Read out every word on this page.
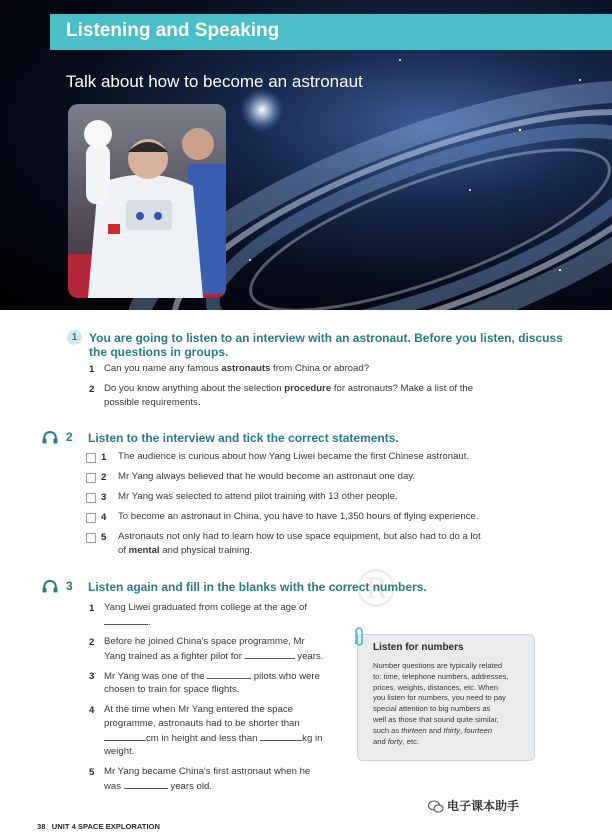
Listening and Speaking
Talk about how to become an astronaut
1 You are going to listen to an interview with an astronaut. Before you listen, discuss
the questions in groups.
1 Can you name any famous astronauts from China or abroad?
2 Do you know anything about the selection procedure for astronauts? Make a list of the
possible requirements.
2 Listen to the interview and tick the correct statements.
1 The audience is curious about how Yang Liwei became the first Chinese astronaut.
2 Mr Yang always believed that he would become an astronaut one day.
3 Mr Yang was selected to attend pilot training with 13 other people.
4 To become an astronaut in China, you have to have 1,350 hours of flying experience.
5 Astronauts not only had to learn how to use space equipment, but also had to do a lot
of mental and physical training.
®
3 Listen again and fill in the blanks with the correct numbers.
1 Yang Liwei graduated from college at the age of
.
2 Before he joined China's space programme, Mr
Yang trained as a fighter pilot for	years.
3 Mr Yang was one of the	pilots who were
chosen to train for space flights.
4 At the time when Mr Yang entered the space
programme, astronauts had to be shorter than
cm in height and less than	kg in
weight.
5 Mr Yang became China's first astronaut when he
was	years old.
Listen for numbers
Number questions are typically related
to: time, telephone numbers, addresses,
prices, weights, distances, etc. When
you listen for numbers, you need to pay
special attention to big numbers as
well as those that sound quite similar,
such as thirteen and thirty, fourteen
and forty, etc.
38 UNIT 4 SPACE EXPLORATION
电子课本助手
